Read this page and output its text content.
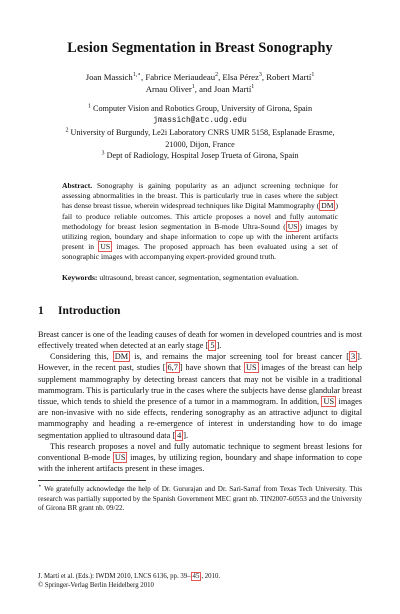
Lesion Segmentation in Breast Sonography
Joan Massich$^{1,⋆}$, Fabrice Meriaudeau$^2$, Elsa Pérez$^3$, Robert Martí$^1$
Arnau Oliver$^1$, and Joan Martí$^1$
$^1$ Computer Vision and Robotics Group, University of Girona, Spain
jmassich@atc.udg.edu
$^2$ University of Burgundy, Le2i Laboratory CNRS UMR 5158, Esplanade Erasme,
21000, Dijon, France
$^3$ Dept of Radiology, Hospital Josep Trueta of Girona, Spain

Abstract. Sonography is gaining popularity as an adjunct screening technique for assessing abnormalities in the breast. This is particularly true in cases where the subject has dense breast tissue, wherein widespread techniques like Digital Mammography ( DM ) fail to produce reliable outcomes. This article proposes a novel and fully automatic methodology for breast lesion segmentation in B-mode Ultra-Sound ( US ) images by utilizing region, boundary and shape information to cope up with the inherent artifacts present in US images. The proposed approach has been evaluated using a set of sonographic images with accompanying expert-provided ground truth.

Keywords: ultrasound, breast cancer, segmentation, segmentation evaluation.
1 Introduction

Breast cancer is one of the leading causes of death for women in developed countries and is most effectively treated when detected at an early stage [ 5 ].

Considering this, DM is, and remains the major screening tool for breast cancer [ 3 ]. However, in the recent past, studies [ 6,7 ] have shown that US images of the breast can help supplement mammography by detecting breast cancers that may not be visible in a traditional mammogram. This is particularly true in the cases where the subjects have dense glandular breast tissue, which tends to shield the presence of a tumor in a mammogram. In addition, US images are non-invasive with no side effects, rendering sonography as an attractive adjunct to digital mammography and heading a re-emergence of interest in understanding how to do image segmentation applied to ultrasound data [ 4 ].

This research proposes a novel and fully automatic technique to segment breast lesions for conventional B-mode US images, by utilizing region, boundary and shape information to cope with the inherent artifacts present in these images.

⋆ We gratefully acknowledge the help of Dr. Gururajan and Dr. Sari-Sarraf from Texas Tech University. This research was partially supported by the Spanish Government MEC grant nb. TIN2007-60553 and the University of Girona BR grant nb. 09/22.

J. Martí et al. (Eds.): IWDM 2010, LNCS 6136, pp. 39– 45 , 2010.
© Springer-Verlag Berlin Heidelberg 2010
